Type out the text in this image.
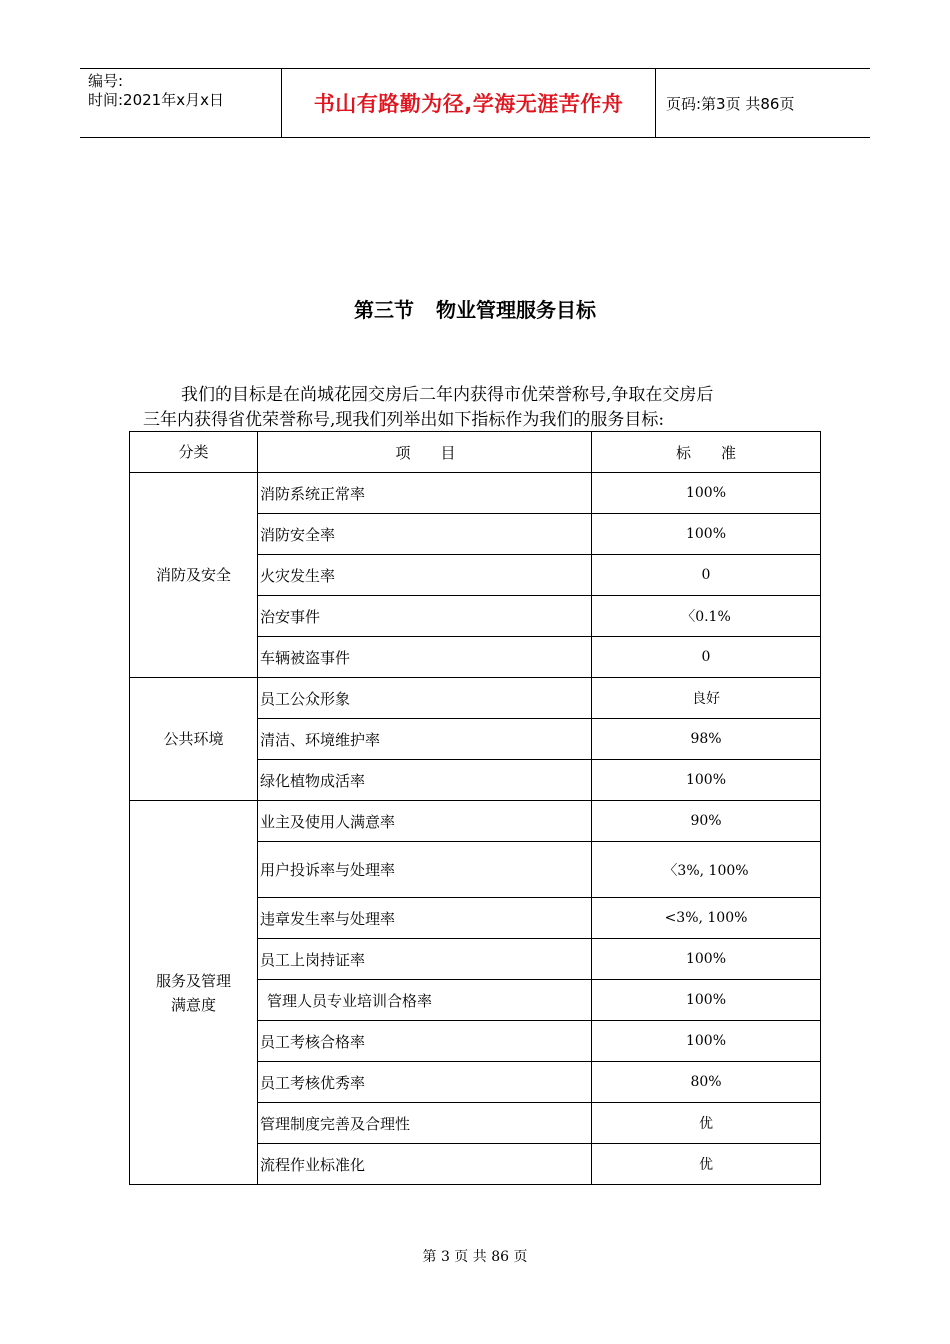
编号:
时间:2021年x月x日	书山有路勤为径,学海无涯苦作舟	页码:第3页 共86页
第三节 物业管理服务目标
我们的目标是在尚城花园交房后二年内获得市优荣誉称号,争取在交房后
三年内获得省优荣誉称号,现我们列举出如下指标作为我们的服务目标:
分类	项　　目	标　　准
消防及安全	消防系统正常率	100%
	消防安全率	100%
	火灾发生率	0
	治安事件	〈0.1%
	车辆被盗事件	0
公共环境	员工公众形象	良好
	清洁、环境维护率	98%
	绿化植物成活率	100%
服务及管理
满意度	业主及使用人满意率	90%
	用户投诉率与处理率	〈3%, 100%
	违章发生率与处理率	<3%, 100%
	员工上岗持证率	100%
	管理人员专业培训合格率	100%
	员工考核合格率	100%
	员工考核优秀率	80%
	管理制度完善及合理性	优
	流程作业标准化	优
第 3 页 共 86 页
